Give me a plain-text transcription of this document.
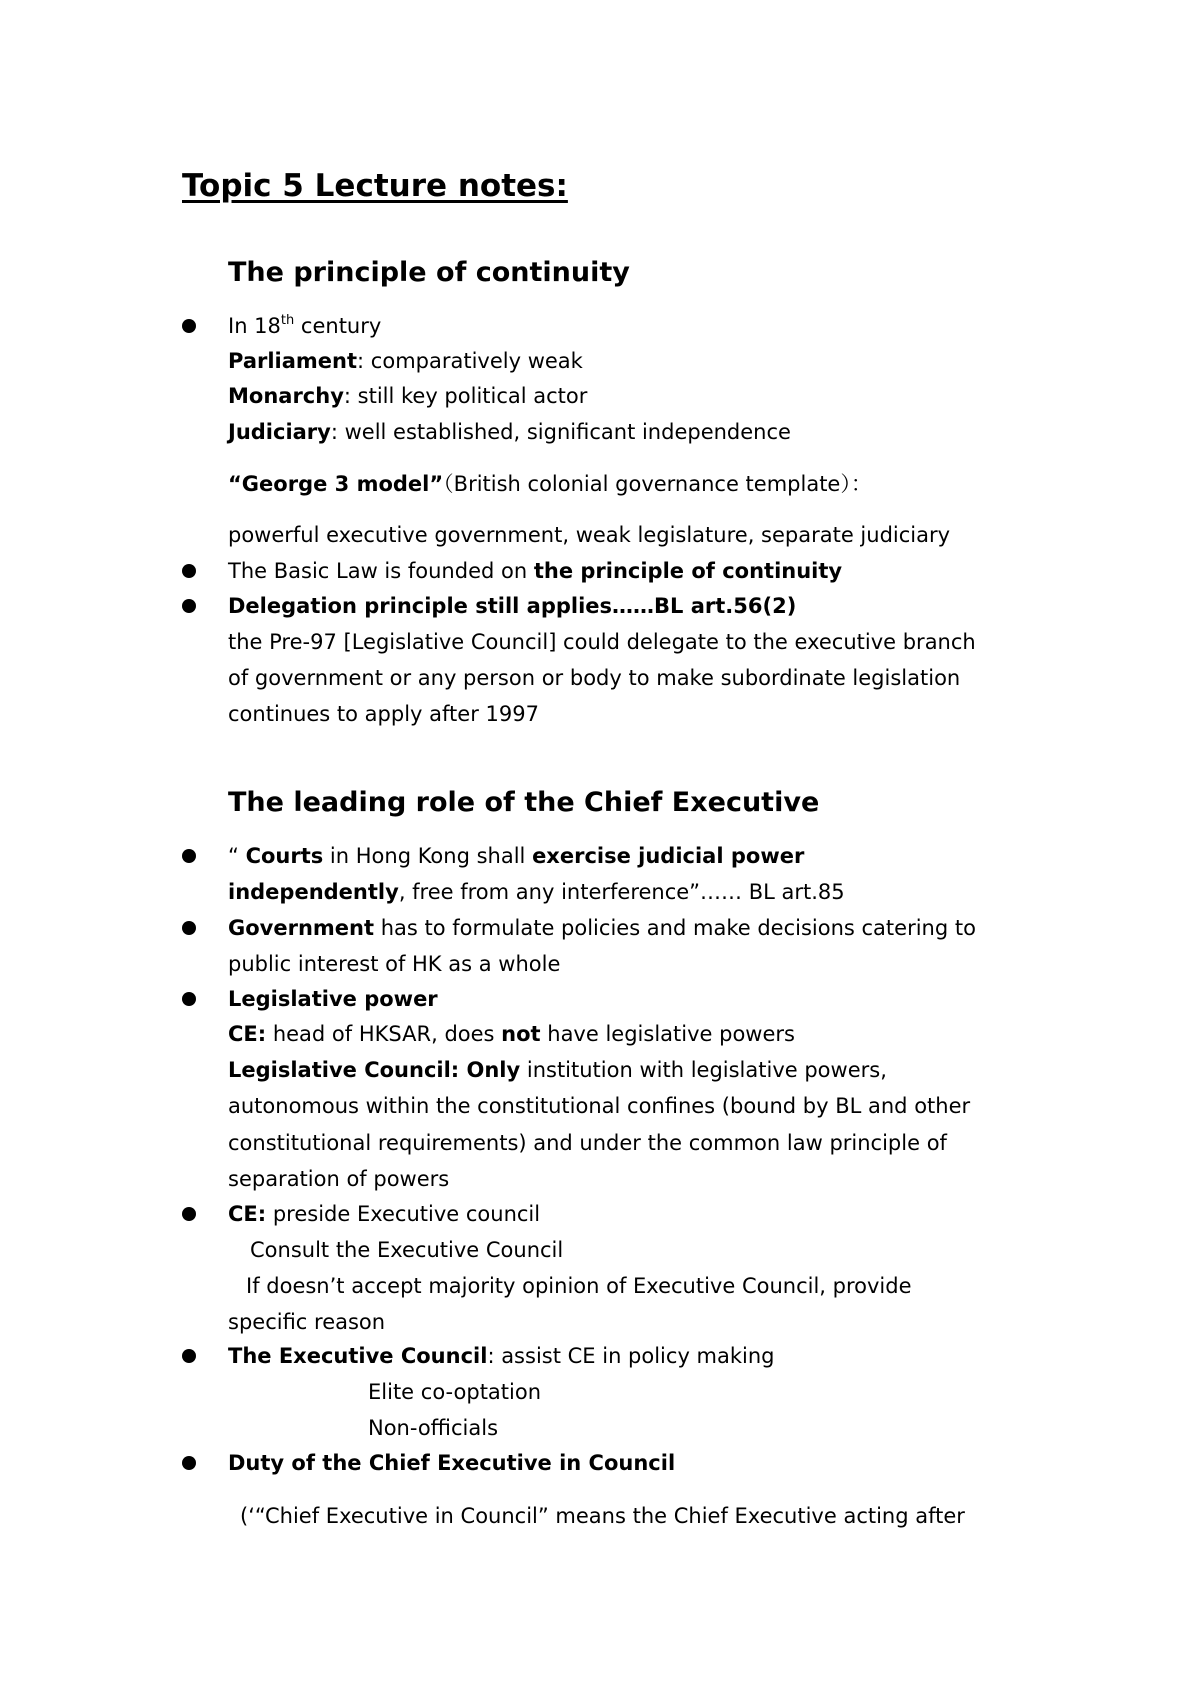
Topic 5 Lecture notes:
The principle of continuity

In 18th century

Parliament: comparatively weak

Monarchy: still key political actor

Judiciary: well established, significant independence

“George 3 model”（British colonial governance template）：

powerful executive government, weak legislature, separate judiciary

The Basic Law is founded on the principle of continuity

Delegation principle still applies……BL art.56(2)

the Pre-97 [Legislative Council] could delegate to the executive branch

of government or any person or body to make subordinate legislation

continues to apply after 1997

The leading role of the Chief Executive

“ Courts in Hong Kong shall exercise judicial power

independently, free from any interference”…… BL art.85

Government has to formulate policies and make decisions catering to

public interest of HK as a whole

Legislative power

CE: head of HKSAR, does not have legislative powers

Legislative Council: Only institution with legislative powers,

autonomous within the constitutional confines (bound by BL and other

constitutional requirements) and under the common law principle of

separation of powers

CE: preside Executive council

Consult the Executive Council

If doesn’t accept majority opinion of Executive Council, provide

specific reason

The Executive Council: assist CE in policy making

Elite co-optation

Non-officials

Duty of the Chief Executive in Council

(‘“Chief Executive in Council” means the Chief Executive acting after
